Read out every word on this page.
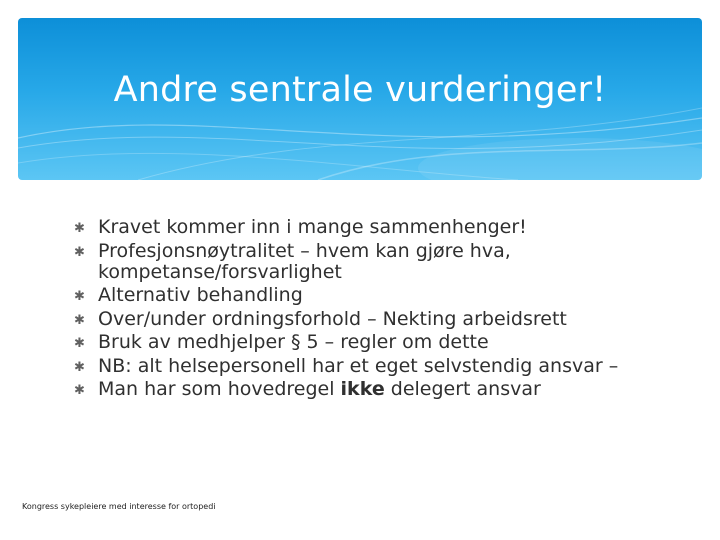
Andre sentrale vurderinger!
✱ Kravet kommer inn i mange sammenhenger!
✱ Profesjonsnøytralitet – hvem kan gjøre hva, kompetanse/forsvarlighet
✱ Alternativ behandling
✱ Over/under ordningsforhold – Nekting arbeidsrett
✱ Bruk av medhjelper § 5 – regler om dette
✱ NB: alt helsepersonell har et eget selvstendig ansvar –
✱ Man har som hovedregel ikke delegert ansvar
Kongress sykepleiere med interesse for ortopedi
